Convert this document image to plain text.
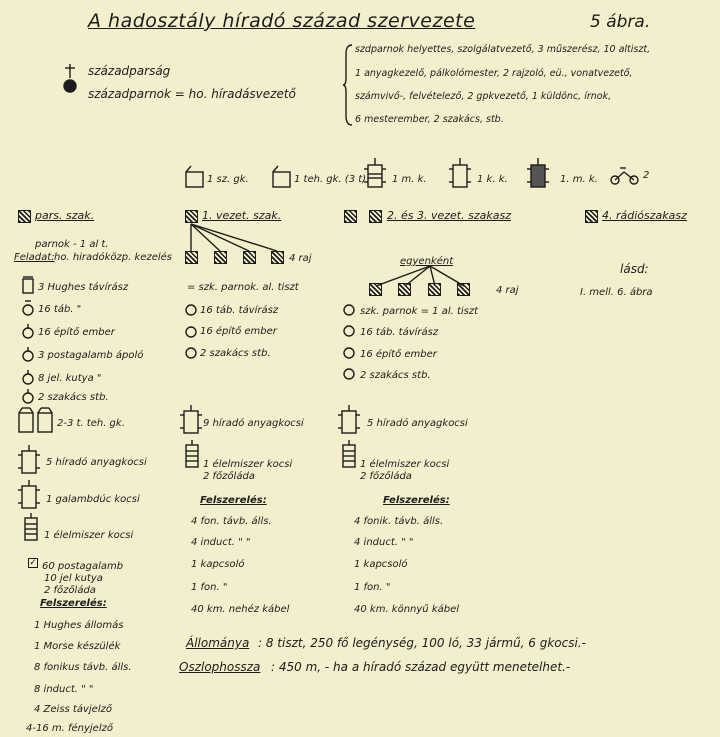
A hadosztály híradó század szervezete	5 ábra.
századparság
századparnok = ho. híradásvezető
szdparnok helyettes, szolgálatvezető, 3 műszerész, 10 altiszt,
1 anyagkezelő, pálkolómester, 2 rajzoló, eü., vonatvezető,
számvivő-, felvételező, 2 gpkvezető, 1 küldönc, írnok,
6 mesterember, 2 szakács, stb.
1 sz. gk.	1 teh. gk. (3 t)	1 m. k.	1 k. k.	1. m. k.	2
pars. szak.	1. vezet. szak.	2. és 3. vezet. szakasz	4. rádiószakasz
parnok - 1 al t.
Feladat: ho. hiradóközp. kezelés
3 Hughes távírász
16 táb. "
16 építő ember
3 postagalamb ápoló
8 jel. kutya "
2 szakács stb.
2-3 t. teh. gk.
5 híradó anyagkocsi
1 galambdúc kocsi
1 élelmiszer kocsi
✓ 60 postagalamb
10 jel kutya
2 főzőláda
Felszerelés:
1 Hughes állomás
1 Morse készülék
8 fonikus távb. álls.
8 induct. " "
4 Zeiss távjelző
4-16 m. fényjelző
4 raj
= szk. parnok. al. tiszt
16 táb. távírász
16 építő ember
2 szakács stb.
9 híradó anyagkocsi
1 élelmiszer kocsi
2 főzőláda
Felszerelés:
4 fon. távb. álls.
4 induct. " "
1 kapcsoló
1 fon. "
40 km. nehéz kábel
egyenként
4 raj
szk. parnok = 1 al. tiszt
16 táb. távírász
16 építő ember
2 szakács stb.
5 híradó anyagkocsi
1 élelmiszer kocsi
2 főzőláda
Felszerelés:
4 fonik. távb. álls.
4 induct. " "
1 kapcsoló
1 fon. "
40 km. könnyű kábel
lásd:
I. mell. 6. ábra
Állománya : 8 tiszt, 250 fő legénység, 100 ló, 33 jármű, 6 gkocsi.-
Oszlophossza : 450 m, - ha a híradó század együtt menetelhet.-
